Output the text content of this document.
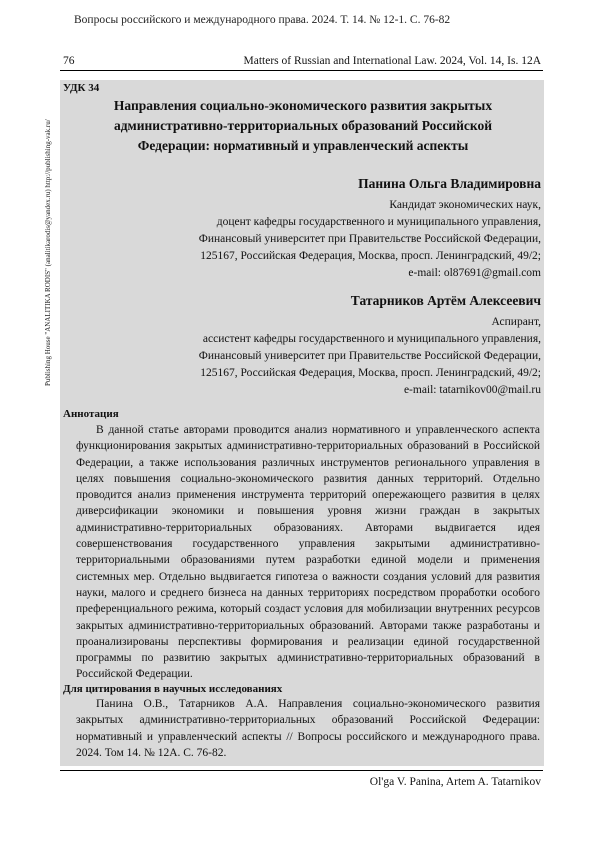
Вопросы российского и международного права. 2024. Т. 14. № 12-1. С. 76-82
76	Matters of Russian and International Law. 2024, Vol. 14, Is. 12A
Publishing House "ANALITIKA RODIS" (analitikarodis@yandex.ru) http://publishing-vak.ru/
УДК 34
Направления социально-экономического развития закрытых
административно-территориальных образований Российской
Федерации: нормативный и управленческий аспекты
Панина Ольга Владимировна
Кандидат экономических наук,
доцент кафедры государственного и муниципального управления,
Финансовый университет при Правительстве Российской Федерации,
125167, Российская Федерация, Москва, просп. Ленинградский, 49/2;
e-mail: ol87691@gmail.com
Татарников Артём Алексеевич
Аспирант,
ассистент кафедры государственного и муниципального управления,
Финансовый университет при Правительстве Российской Федерации,
125167, Российская Федерация, Москва, просп. Ленинградский, 49/2;
e-mail: tatarnikov00@mail.ru
Аннотация

В данной статье авторами проводится анализ нормативного и управленческого аспекта функционирования закрытых административно-территориальных образований в Российской Федерации, а также использования различных инструментов регионального управления в целях повышения социально-экономического развития данных территорий. Отдельно проводится анализ применения инструмента территорий опережающего развития в целях диверсификации экономики и повышения уровня жизни граждан в закрытых административно-территориальных образованиях. Авторами выдвигается идея совершенствования государственного управления закрытыми административно-территориальными образованиями путем разработки единой модели и применения системных мер. Отдельно выдвигается гипотеза о важности создания условий для развития науки, малого и среднего бизнеса на данных территориях посредством проработки особого преференциального режима, который создаст условия для мобилизации внутренних ресурсов закрытых административно-территориальных образований. Авторами также разработаны и проанализированы перспективы формирования и реализации единой государственной программы по развитию закрытых административно-территориальных образований в Российской Федерации.

Для цитирования в научных исследованиях

Панина О.В., Татарников А.А. Направления социально-экономического развития закрытых административно-территориальных образований Российской Федерации: нормативный и управленческий аспекты // Вопросы российского и международного права. 2024. Том 14. № 12А. С. 76-82.

Ol'ga V. Panina, Artem A. Tatarnikov
